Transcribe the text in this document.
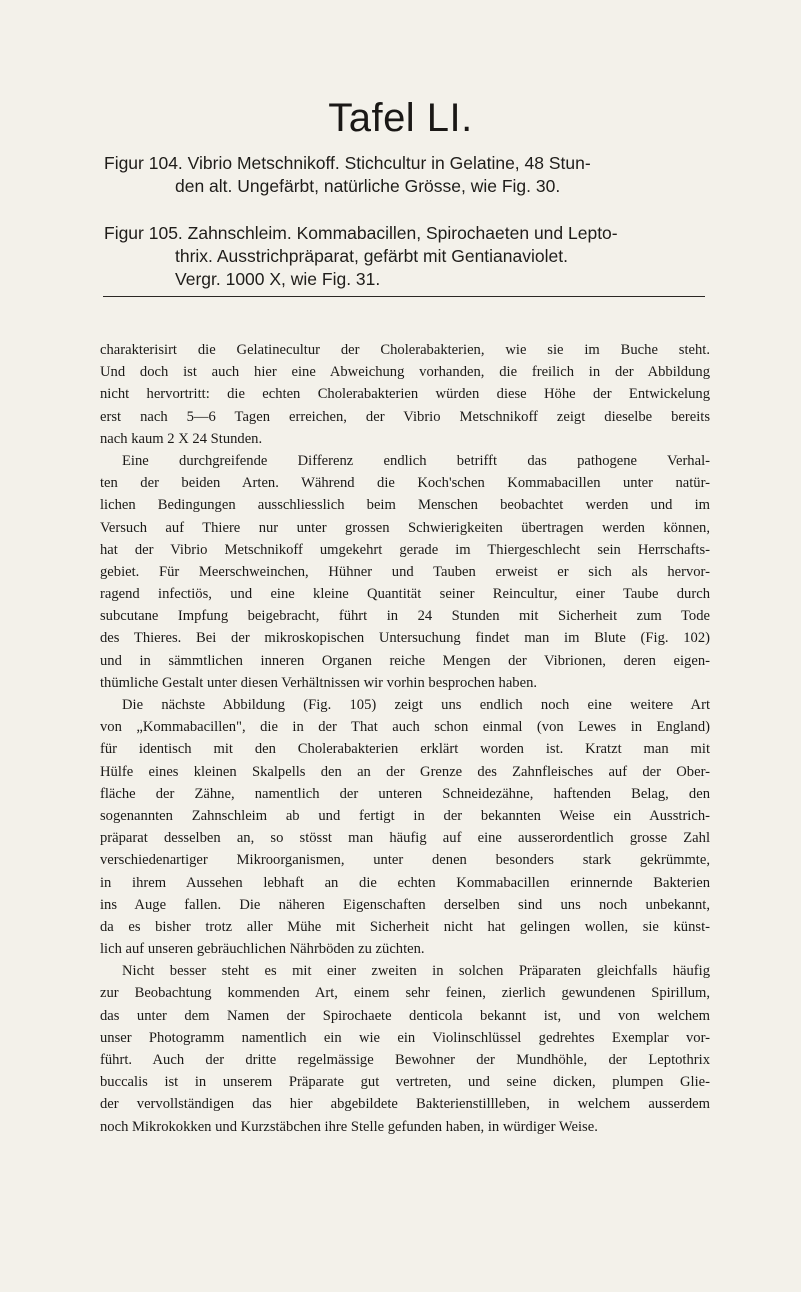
Tafel LI.
Figur 104. Vibrio Metschnikoff. Stichcultur in Gelatine, 48 Stun-
den alt. Ungefärbt, natürliche Grösse, wie Fig. 30.
Figur 105. Zahnschleim. Kommabacillen, Spirochaeten und Lepto-
thrix. Ausstrichpräparat, gefärbt mit Gentianaviolet.
Vergr. 1000 X, wie Fig. 31.
charakterisirt die Gelatinecultur der Cholerabakterien, wie sie im Buche steht.
Und doch ist auch hier eine Abweichung vorhanden, die freilich in der Abbildung
nicht hervortritt: die echten Cholerabakterien würden diese Höhe der Entwickelung
erst nach 5—6 Tagen erreichen, der Vibrio Metschnikoff zeigt dieselbe bereits
nach kaum 2 X 24 Stunden.
Eine durchgreifende Differenz endlich betrifft das pathogene Verhal-
ten der beiden Arten. Während die Koch'schen Kommabacillen unter natür-
lichen Bedingungen ausschliesslich beim Menschen beobachtet werden und im
Versuch auf Thiere nur unter grossen Schwierigkeiten übertragen werden können,
hat der Vibrio Metschnikoff umgekehrt gerade im Thiergeschlecht sein Herrschafts-
gebiet. Für Meerschweinchen, Hühner und Tauben erweist er sich als hervor-
ragend infectiös, und eine kleine Quantität seiner Reincultur, einer Taube durch
subcutane Impfung beigebracht, führt in 24 Stunden mit Sicherheit zum Tode
des Thieres. Bei der mikroskopischen Untersuchung findet man im Blute (Fig. 102)
und in sämmtlichen inneren Organen reiche Mengen der Vibrionen, deren eigen-
thümliche Gestalt unter diesen Verhältnissen wir vorhin besprochen haben.
Die nächste Abbildung (Fig. 105) zeigt uns endlich noch eine weitere Art
von „Kommabacillen", die in der That auch schon einmal (von Lewes in England)
für identisch mit den Cholerabakterien erklärt worden ist. Kratzt man mit
Hülfe eines kleinen Skalpells den an der Grenze des Zahnfleisches auf der Ober-
fläche der Zähne, namentlich der unteren Schneidezähne, haftenden Belag, den
sogenannten Zahnschleim ab und fertigt in der bekannten Weise ein Ausstrich-
präparat desselben an, so stösst man häufig auf eine ausserordentlich grosse Zahl
verschiedenartiger Mikroorganismen, unter denen besonders stark gekrümmte,
in ihrem Aussehen lebhaft an die echten Kommabacillen erinnernde Bakterien
ins Auge fallen. Die näheren Eigenschaften derselben sind uns noch unbekannt,
da es bisher trotz aller Mühe mit Sicherheit nicht hat gelingen wollen, sie künst-
lich auf unseren gebräuchlichen Nährböden zu züchten.
Nicht besser steht es mit einer zweiten in solchen Präparaten gleichfalls häufig
zur Beobachtung kommenden Art, einem sehr feinen, zierlich gewundenen Spirillum,
das unter dem Namen der Spirochaete denticola bekannt ist, und von welchem
unser Photogramm namentlich ein wie ein Violinschlüssel gedrehtes Exemplar vor-
führt. Auch der dritte regelmässige Bewohner der Mundhöhle, der Leptothrix
buccalis ist in unserem Präparate gut vertreten, und seine dicken, plumpen Glie-
der vervollständigen das hier abgebildete Bakterienstillleben, in welchem ausserdem
noch Mikrokokken und Kurzstäbchen ihre Stelle gefunden haben, in würdiger Weise.
